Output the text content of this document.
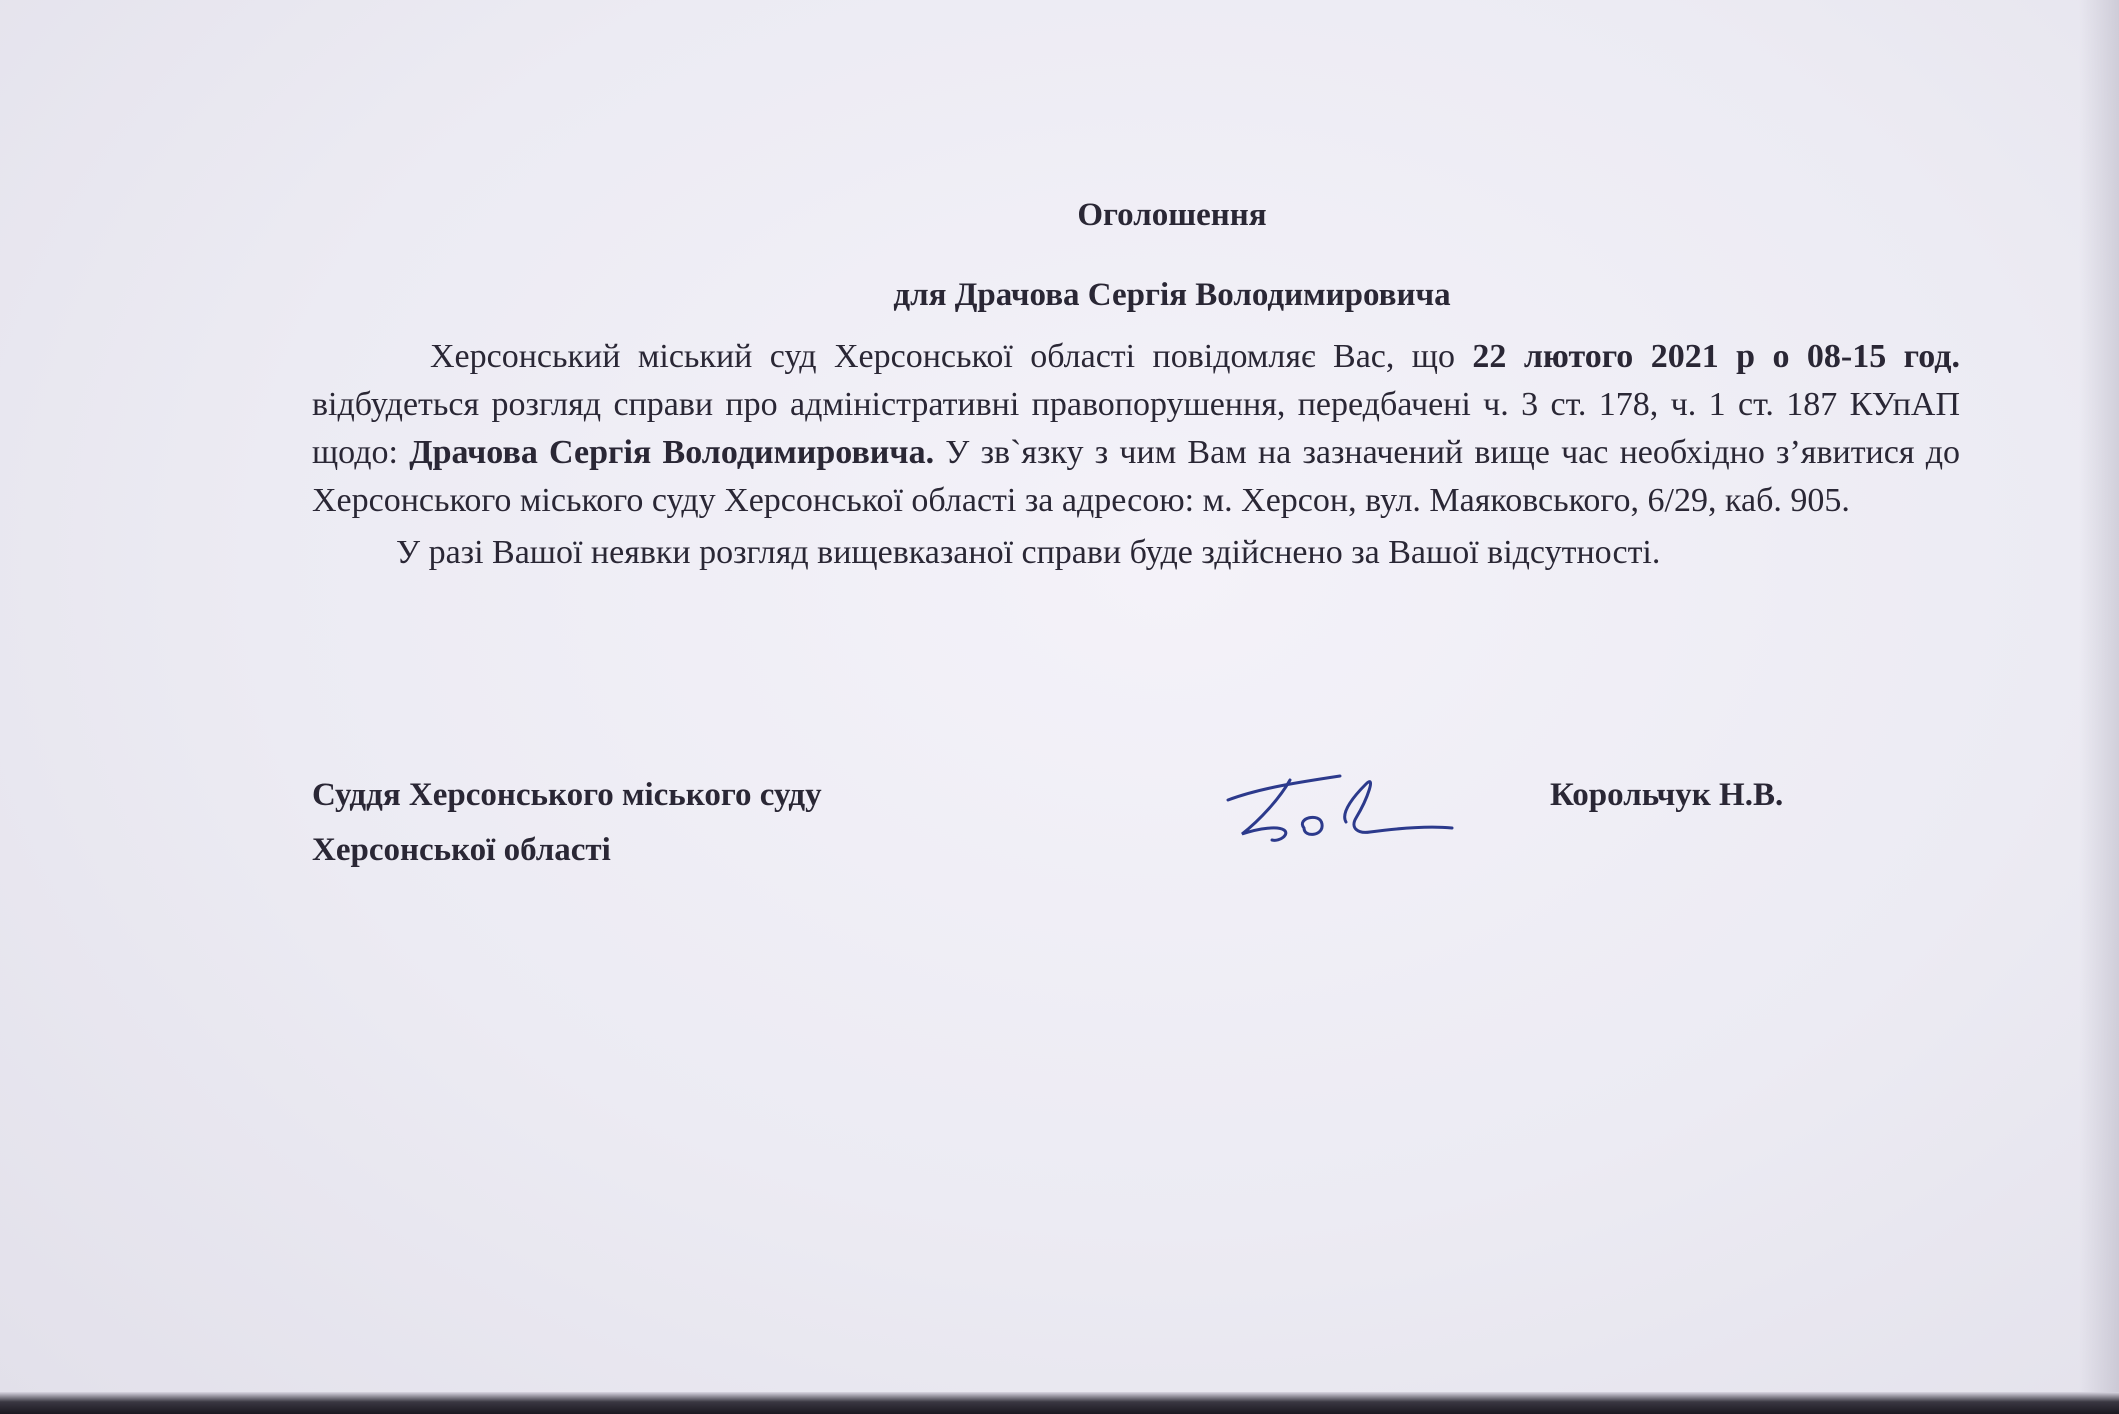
Оголошення
для Драчова Сергія Володимировича

Херсонський міський суд Херсонської області повідомляє Вас, що 22 лютого 2021 р о 08-15 год. відбудеться розгляд справи про адміністративні правопорушення, передбачені ч. 3 ст. 178, ч. 1 ст. 187 КУпАП щодо: Драчова Сергія Володимировича. У зв`язку з чим Вам на зазначений вище час необхідно з’явитися до Херсонського міського суду Херсонської області за адресою: м. Херсон, вул. Маяковського, 6/29, каб. 905.

У разі Вашої неявки розгляд вищевказаної справи буде здійснено за Вашої відсутності.

Суддя Херсонського міського суду
Херсонської області
Корольчук Н.В.
